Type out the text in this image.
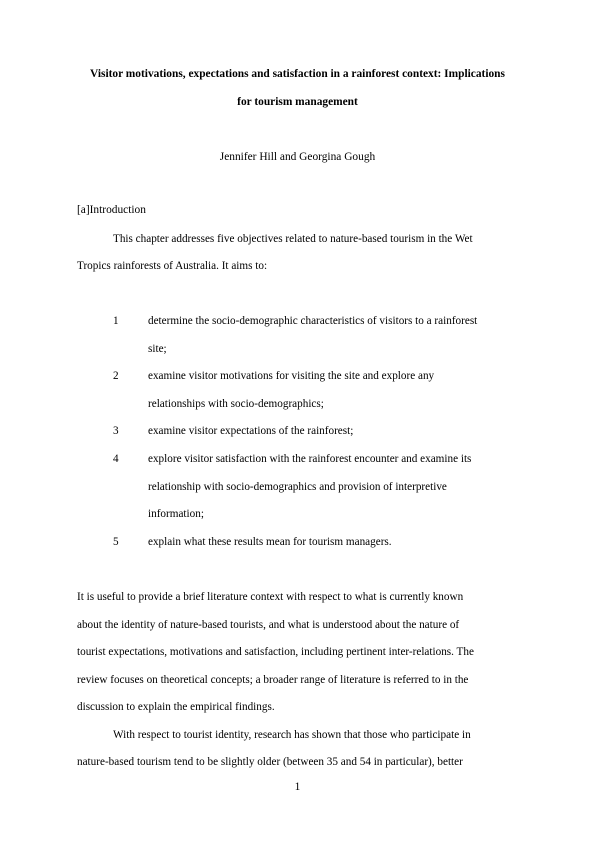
Visitor motivations, expectations and satisfaction in a rainforest context: Implications
for tourism management
Jennifer Hill and Georgina Gough
[a]Introduction
This chapter addresses five objectives related to nature-based tourism in the Wet
Tropics rainforests of Australia. It aims to:
1	determine the socio-demographic characteristics of visitors to a rainforest
site;
2	examine visitor motivations for visiting the site and explore any
relationships with socio-demographics;
3	examine visitor expectations of the rainforest;
4	explore visitor satisfaction with the rainforest encounter and examine its
relationship with socio-demographics and provision of interpretive
information;
5	explain what these results mean for tourism managers.
It is useful to provide a brief literature context with respect to what is currently known
about the identity of nature-based tourists, and what is understood about the nature of
tourist expectations, motivations and satisfaction, including pertinent inter-relations. The
review focuses on theoretical concepts; a broader range of literature is referred to in the
discussion to explain the empirical findings.
With respect to tourist identity, research has shown that those who participate in
nature-based tourism tend to be slightly older (between 35 and 54 in particular), better
1
